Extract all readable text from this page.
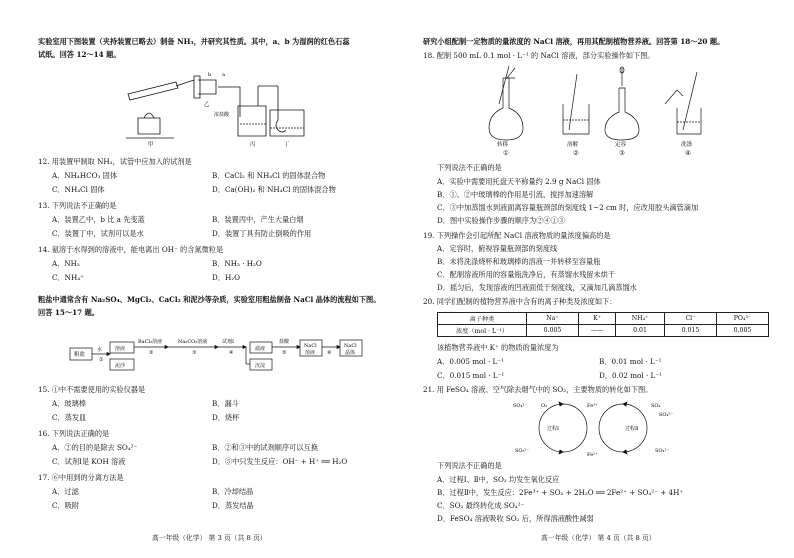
实验室用下图装置（夹持装置已略去）制备 NH₃，并研究其性质。其中，a、b 为湿润的红色石蕊
试纸。回答 12～14 题。
乙
a
b
浓盐酸
甲	丙	丁
12. 用装置甲制取 NH₃，试管中应加入的试剂是
A．NH₄HCO₃ 固体	B．CaCl₂ 和 NH₄Cl 的固体混合物
C．NH₄Cl 固体	D．Ca(OH)₂ 和 NH₄Cl 的固体混合物
13. 下列说法不正确的是
A．装置乙中，b 比 a 先变蓝	B．装置丙中，产生大量白烟
C．装置丁中，试剂可以是水	D．装置丁具有防止倒吸的作用
14. 氨溶于水得到的溶液中，能电离出 OH⁻ 的含氮微粒是
A．NH₃	B．NH₃ · H₂O
C．NH₄⁺	D．H₂O
粗盐中通常含有 Na₂SO₄、MgCl₂、CaCl₂ 和泥沙等杂质，实验室用粗盐制备 NaCl 晶体的流程如下图。
回答 15～17 题。
粗盐
水
①
溶液
泥沙
BaCl₂溶液
②
Na₂CO₃溶液
③
试剂Ⅰ
④
滤液
沉淀
盐酸
⑤
NaCl
溶液 ⑥
NaCl
晶体
15. ①中不需要使用的实验仪器是
A．玻璃棒	B．漏斗
C．蒸发皿	D．烧杯
16. 下列说法正确的是
A．②的目的是除去 SO₄²⁻	B．②和③中的试剂顺序可以互换
C．试剂Ⅰ是 KOH 溶液	D．⑤中只发生反应：OH⁻ + H⁺ ══ H₂O
17. ⑥中用到的分离方法是
A．过滤	B．冷却结晶
C．吸附	D．蒸发结晶
高一年级（化学） 第 3 页（共 8 页）
研究小组配制一定物质的量浓度的 NaCl 溶液，再用其配制植物营养液。回答第 18～20 题。
18. 配制 500 mL 0.1 mol · L⁻¹ 的 NaCl 溶液，部分实验操作如下图。
转移	溶解	定容	洗涤
①	②	③	④
下列说法不正确的是
A．实验中需要用托盘天平称量约 2.9 g NaCl 固体
B．①、②中玻璃棒的作用是引流、搅拌加速溶解
C．③中加蒸馏水到液面离容量瓶颈部的刻度线 1~2 cm 时，应改用胶头滴管滴加
D．图中实验操作步骤的顺序为②④①③
19. 下列操作会引起所配 NaCl 溶液物质的量浓度偏高的是
A．定容时，俯视容量瓶颈部的刻度线
B．未将洗涤烧杯和玻璃棒的溶液一并转移至容量瓶
C．配制溶液所用的容量瓶洗净后，有蒸馏水残留未烘干
D．摇匀后，发现溶液的凹液面低于刻度线，又滴加几滴蒸馏水
20. 同学们配制的植物营养液中含有的离子种类及浓度如下：
离子种类	Na⁺	K⁺	NH₄⁺	Cl⁻	PO₄³⁻
浓度（mol · L⁻¹）	0.005	——	0.01	0.015	0.005
该植物营养液中 K⁺ 的物质的量浓度为
A．0.005 mol · L⁻¹	B．0.01 mol · L⁻¹
C．0.015 mol · L⁻¹	D．0.02 mol · L⁻¹
21. 用 FeSO₄ 溶液、空气除去烟气中的 SO₂，主要物质的转化如下图。
SO₄²⁻	O₂	Fe³⁺	SO₂
SO₄²⁻
过程Ⅰ	过程Ⅱ
SO₃²⁻
Fe²⁺
SO₄²⁻
下列说法不正确的是
A．过程Ⅰ、Ⅱ中，SO₂ 均发生氧化反应
B．过程Ⅱ中，发生反应：2Fe³⁺ + SO₂ + 2H₂O ══ 2Fe²⁺ + SO₄²⁻ + 4H⁺
C．SO₂ 最终转化成 SO₄²⁻
D．FeSO₄ 溶液吸收 SO₂ 后，所得溶液酸性减弱
高一年级（化学） 第 4 页（共 8 页）
